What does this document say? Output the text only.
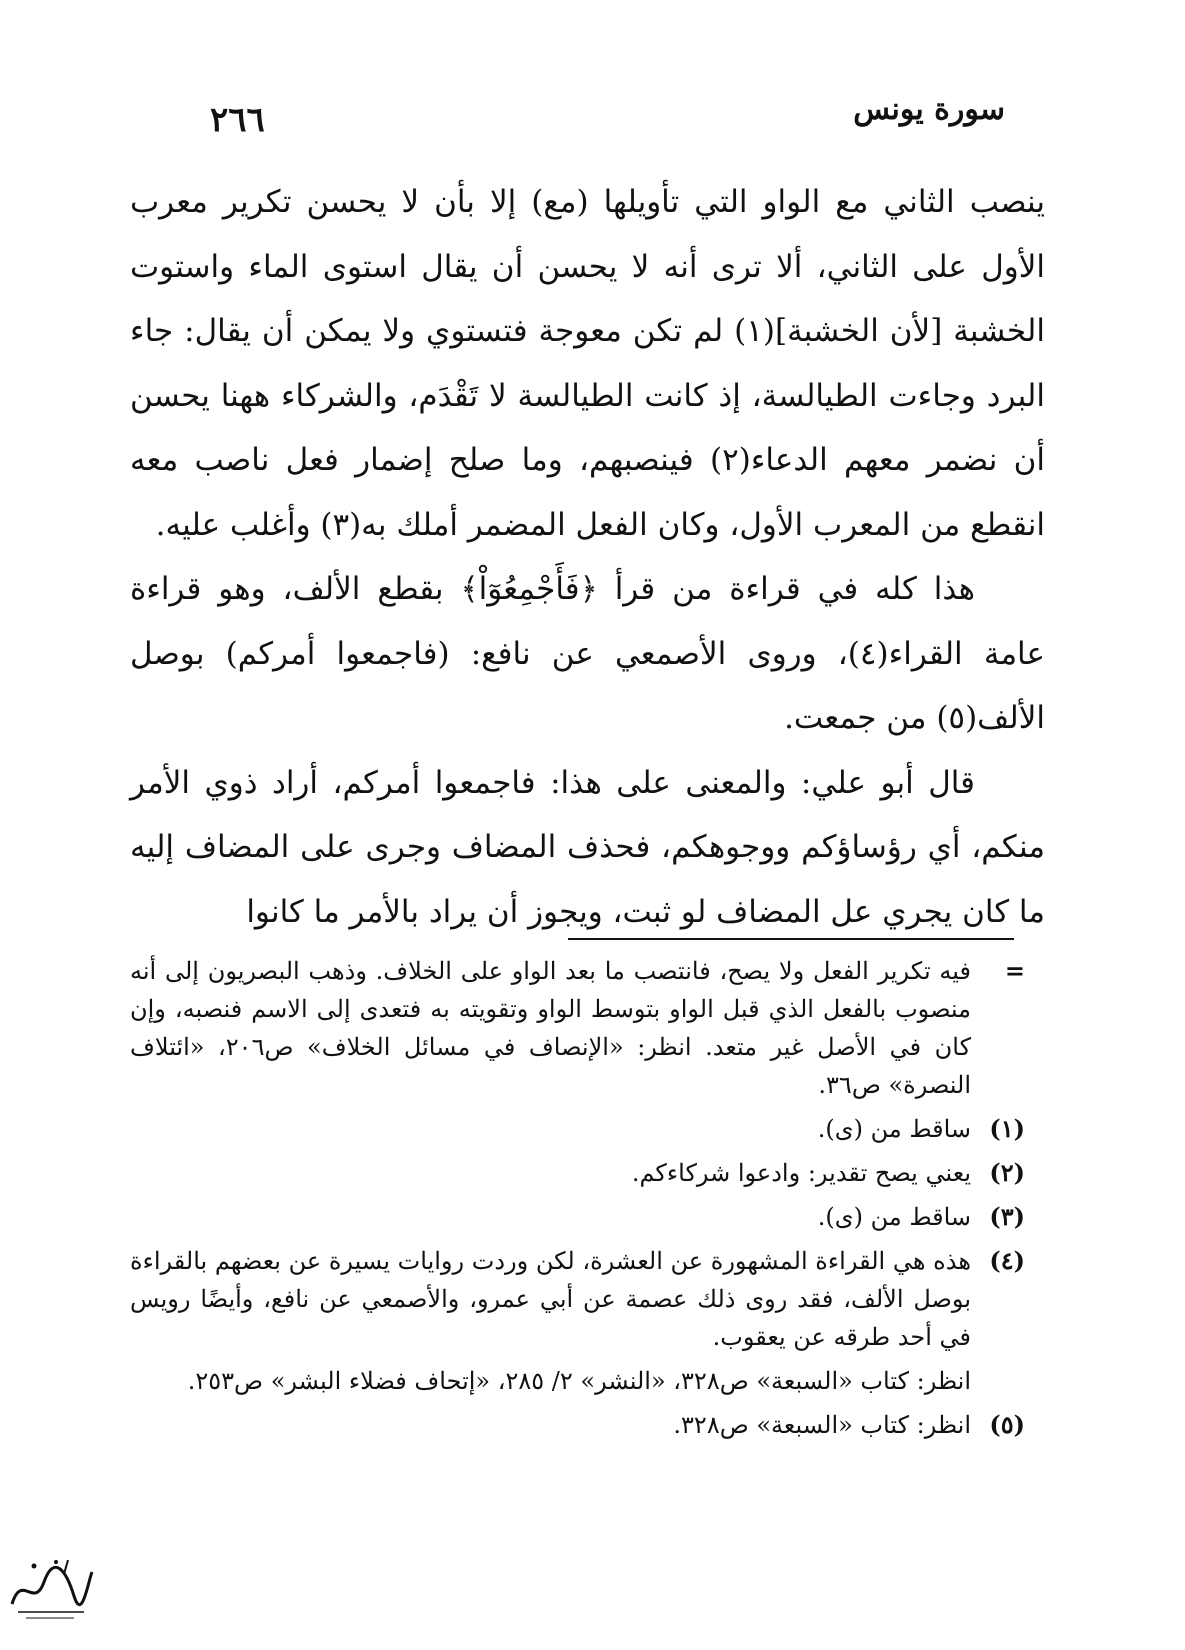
سورة يونس
٢٦٦

ينصب الثاني مع الواو التي تأويلها (مع) إلا بأن لا يحسن تكرير معرب الأول على الثاني، ألا ترى أنه لا يحسن أن يقال استوى الماء واستوت الخشبة [لأن الخشبة](١) لم تكن معوجة فتستوي ولا يمكن أن يقال: جاء البرد وجاءت الطيالسة، إذ كانت الطيالسة لا تَقْدَم، والشركاء ههنا يحسن أن نضمر معهم الدعاء(٢) فينصبهم، وما صلح إضمار فعل ناصب معه انقطع من المعرب الأول، وكان الفعل المضمر أملك به(٣) وأغلب عليه.

هذا كله في قراءة من قرأ ﴿فَأَجْمِعُوٓاْ﴾ بقطع الألف، وهو قراءة عامة القراء(٤)، وروى الأصمعي عن نافع: (فاجمعوا أمركم) بوصل الألف(٥) من جمعت.

قال أبو علي: والمعنى على هذا: فاجمعوا أمركم، أراد ذوي الأمر منكم، أي رؤساؤكم ووجوهكم، فحذف المضاف وجرى على المضاف إليه ما كان يجري عل المضاف لو ثبت، ويجوز أن يراد بالأمر ما كانوا

=
فيه تكرير الفعل ولا يصح، فانتصب ما بعد الواو على الخلاف. وذهب البصريون إلى أنه منصوب بالفعل الذي قبل الواو بتوسط الواو وتقويته به فتعدى إلى الاسم فنصبه، وإن كان في الأصل غير متعد. انظر: «الإنصاف في مسائل الخلاف» ص٢٠٦، «ائتلاف النصرة» ص٣٦.
(١)
ساقط من (ى).
(٢)
يعني يصح تقدير: وادعوا شركاءكم.
(٣)
ساقط من (ى).
(٤)
هذه هي القراءة المشهورة عن العشرة، لكن وردت روايات يسيرة عن بعضهم بالقراءة بوصل الألف، فقد روى ذلك عصمة عن أبي عمرو، والأصمعي عن نافع، وأيضًا رويس في أحد طرقه عن يعقوب.
انظر: كتاب «السبعة» ص٣٢٨، «النشر» ٢/ ٢٨٥، «إتحاف فضلاء البشر» ص٢٥٣.
(٥)
انظر: كتاب «السبعة» ص٣٢٨.
